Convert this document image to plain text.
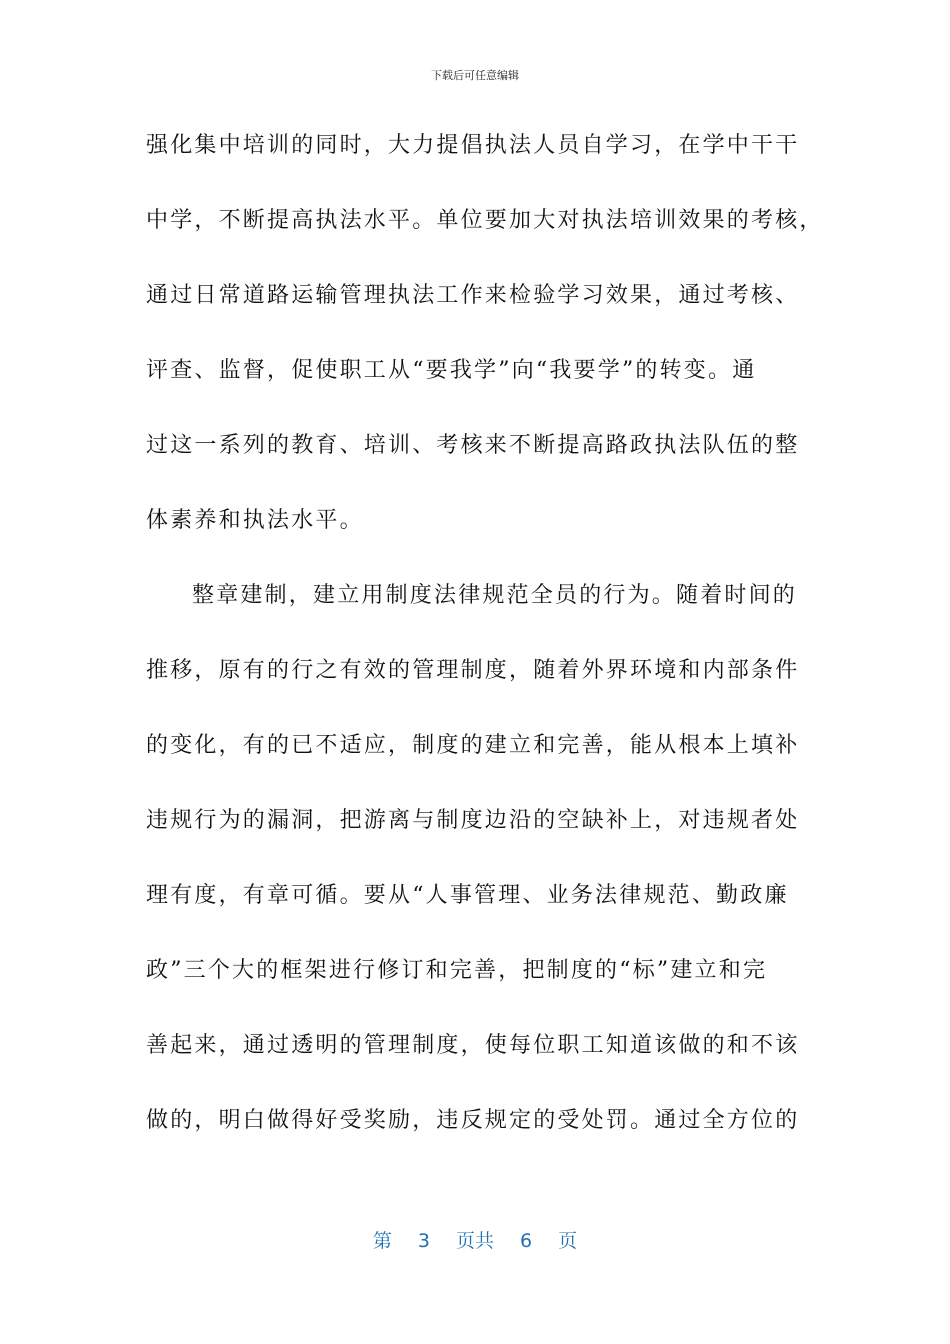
下载后可任意编辑
强化集中培训的同时，大力提倡执法人员自学习，在学中干干
中学，不断提高执法水平。单位要加大对执法培训效果的考核，
通过日常道路运输管理执法工作来检验学习效果，通过考核、
评查、监督，促使职工从“要我学”向“我要学”的转变。通
过这一系列的教育、培训、考核来不断提高路政执法队伍的整
体素养和执法水平。
整章建制，建立用制度法律规范全员的行为。随着时间的
推移，原有的行之有效的管理制度，随着外界环境和内部条件
的变化，有的已不适应，制度的建立和完善，能从根本上填补
违规行为的漏洞，把游离与制度边沿的空缺补上，对违规者处
理有度，有章可循。要从“人事管理、业务法律规范、勤政廉
政”三个大的框架进行修订和完善，把制度的“标”建立和完
善起来，通过透明的管理制度，使每位职工知道该做的和不该
做的，明白做得好受奖励，违反规定的受处罚。通过全方位的
第 3 页共 6 页
